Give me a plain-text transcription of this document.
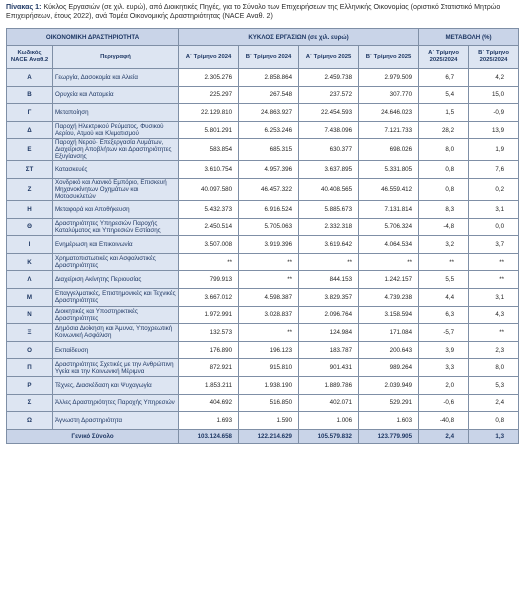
Πίνακας 1: Κύκλος Εργασιών (σε χιλ. ευρώ), από Διοικητικές Πηγές, για το Σύνολο των Επιχειρήσεων της Ελληνικής Οικονομίας (οριστικό Στατιστικό Μητρώο Επιχειρήσεων, έτους 2022), ανά Τομέα Οικονομικής Δραστηριότητας (NACE Αναθ. 2)
ΟΙΚΟΝΟΜΙΚΗ ΔΡΑΣΤΗΡΙΟΤΗΤΑ		ΚΥΚΛΟΣ ΕΡΓΑΣΙΩΝ (σε χιλ. ευρώ)				ΜΕΤΑΒΟΛΗ (%)	
Κωδικός NACE Αναθ.2	Περιγραφή	Α΄ Τρίμηνο 2024	Β΄ Τρίμηνο 2024	Α΄ Τρίμηνο 2025	Β΄ Τρίμηνο 2025	Α΄ Τρίμηνο 2025/2024	Β΄ Τρίμηνο 2025/2024
Α	Γεωργία, Δασοκομία και Αλιεία	2.305.276	2.858.864	2.459.738	2.979.509	6,7	4,2
Β	Ορυχεία και Λατομεία	225.297	267.548	237.572	307.770	5,4	15,0
Γ	Μεταποίηση	22.129.810	24.863.927	22.454.593	24.646.023	1,5	-0,9
Δ	Παροχή Ηλεκτρικού Ρεύματος, Φυσικού Αερίου, Ατμού και Κλιματισμού	5.801.291	6.253.246	7.438.096	7.121.733	28,2	13,9
Ε	Παροχή Νερού· Επεξεργασία Λυμάτων, Διαχείριση Αποβλήτων και Δραστηριότητες Εξυγίανσης	583.854	685.315	630.377	698.026	8,0	1,9
ΣΤ	Κατασκευές	3.610.754	4.957.396	3.637.895	5.331.805	0,8	7,6
Ζ	Χονδρικό και Λιανικό Εμπόριο, Επισκευή Μηχανοκίνητων Οχημάτων και Μοτοσυκλετών	40.097.580	46.457.322	40.408.565	46.559.412	0,8	0,2
Η	Μεταφορά και Αποθήκευση	5.432.373	6.916.524	5.885.673	7.131.814	8,3	3,1
Θ	Δραστηριότητες Υπηρεσιών Παροχής Καταλύματος και Υπηρεσιών Εστίασης	2.450.514	5.705.063	2.332.318	5.706.324	-4,8	0,0
Ι	Ενημέρωση και Επικοινωνία	3.507.008	3.919.396	3.619.642	4.064.534	3,2	3,7
Κ	Χρηματοπιστωτικές και Ασφαλιστικές Δραστηριότητες	**	**	**	**	**	**
Λ	Διαχείριση Ακίνητης Περιουσίας	799.913	**	844.153	1.242.157	5,5	**
Μ	Επαγγελματικές, Επιστημονικές και Τεχνικές Δραστηριότητες	3.667.012	4.598.387	3.829.357	4.739.238	4,4	3,1
Ν	Διοικητικές και Υποστηρικτικές Δραστηριότητες	1.972.991	3.028.837	2.096.764	3.158.594	6,3	4,3
Ξ	Δημόσια Διοίκηση και Άμυνα, Υποχρεωτική Κοινωνική Ασφάλιση	132.573	**	124.984	171.084	-5,7	**
Ο	Εκπαίδευση	176.890	196.123	183.787	200.643	3,9	2,3
Π	Δραστηριότητες Σχετικές με την Ανθρώπινη Υγεία και την Κοινωνική Μέριμνα	872.921	915.810	901.431	989.264	3,3	8,0
Ρ	Τέχνες, Διασκέδαση και Ψυχαγωγία	1.853.211	1.938.190	1.889.786	2.039.949	2,0	5,3
Σ	Άλλες Δραστηριότητες Παροχής Υπηρεσιών	404.692	516.850	402.071	529.291	-0,6	2,4
Ω	Άγνωστη Δραστηριότητα	1.693	1.590	1.006	1.603	-40,8	0,8
Γενικό Σύνολο		103.124.658	122.214.629	105.579.832	123.779.905	2,4	1,3
